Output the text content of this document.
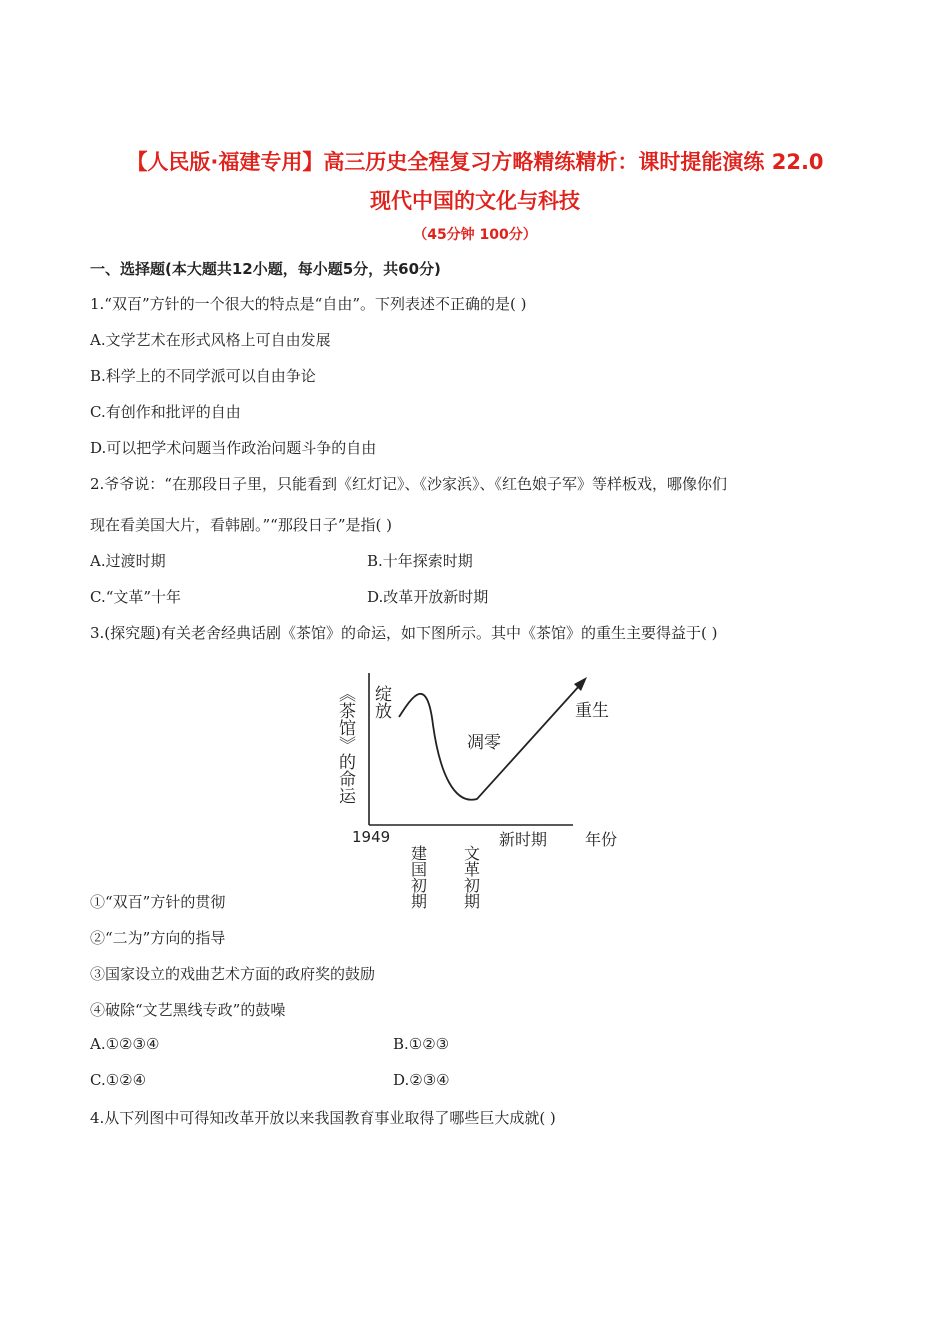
【人民版·福建专用】高三历史全程复习方略精练精析：课时提能演练 22.0
现代中国的文化与科技
（45分钟 100分）
一、选择题(本大题共12小题，每小题5分，共60分)
1.“双百”方针的一个很大的特点是“自由”。下列表述不正确的是( )
A.文学艺术在形式风格上可自由发展
B.科学上的不同学派可以自由争论
C.有创作和批评的自由
D.可以把学术问题当作政治问题斗争的自由
2.爷爷说：“在那段日子里，只能看到《红灯记》、《沙家浜》、《红色娘子军》等样板戏，哪像你们
现在看美国大片，看韩剧。”“那段日子”是指( )
A.过渡时期	B.十年探索时期
C.“文革”十年	D.改革开放新时期
3.(探究题)有关老舍经典话剧《茶馆》的命运，如下图所示。其中《茶馆》的重生主要得益于( )
《茶馆》的命运 绽放
凋零
重生
1949
建国初期 文革初期
新时期 年份
①“双百”方针的贯彻
②“二为”方向的指导
③国家设立的戏曲艺术方面的政府奖的鼓励
④破除“文艺黑线专政”的鼓噪
A.①②③④	B.①②③
C.①②④	D.②③④
4.从下列图中可得知改革开放以来我国教育事业取得了哪些巨大成就( )
